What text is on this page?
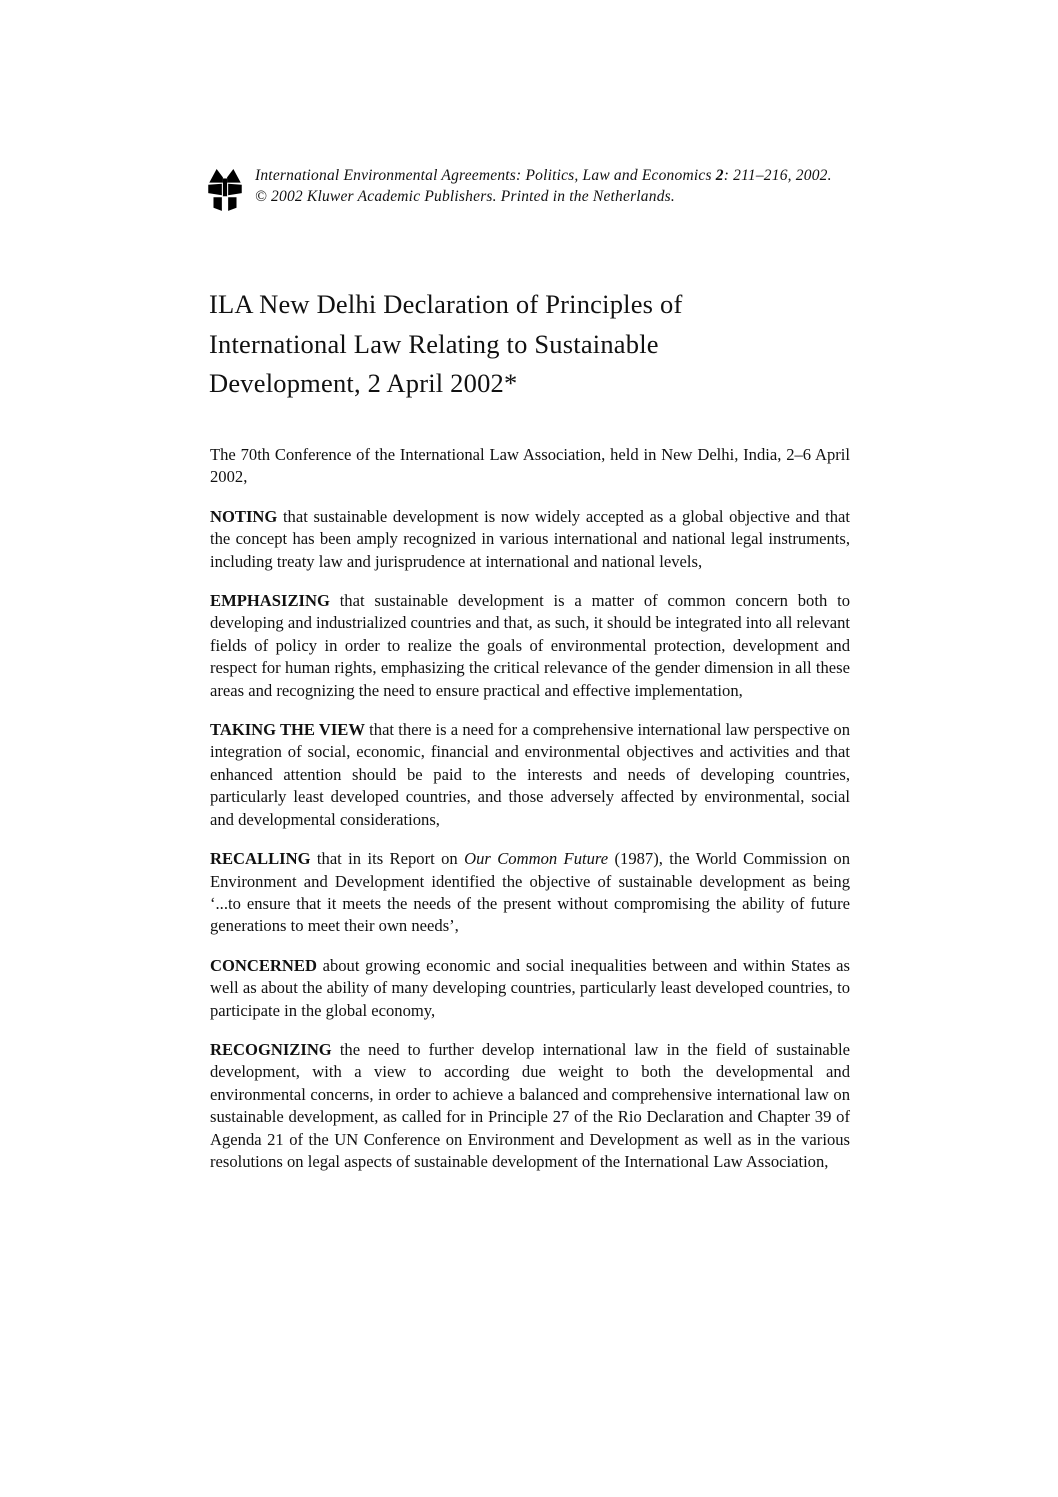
International Environmental Agreements: Politics, Law and Economics 2: 211–216, 2002.
© 2002 Kluwer Academic Publishers. Printed in the Netherlands.
ILA New Delhi Declaration of Principles of
International Law Relating to Sustainable
Development, 2 April 2002*

The 70th Conference of the International Law Association, held in New Delhi, India, 2–6 April 2002,

NOTING that sustainable development is now widely accepted as a global objective and that the concept has been amply recognized in various international and national legal instruments, including treaty law and jurisprudence at international and national levels,

EMPHASIZING that sustainable development is a matter of common concern both to developing and industrialized countries and that, as such, it should be integrated into all relevant fields of policy in order to realize the goals of environmental protection, development and respect for human rights, emphasizing the critical relevance of the gender dimension in all these areas and recognizing the need to ensure practical and effective implementation,

TAKING THE VIEW that there is a need for a comprehensive international law perspective on integration of social, economic, financial and environmental objectives and activities and that enhanced attention should be paid to the interests and needs of developing countries, particularly least developed countries, and those adversely affected by environmental, social and developmental considerations,

RECALLING that in its Report on Our Common Future (1987), the World Commission on Environment and Development identified the objective of sustainable development as being ‘...to ensure that it meets the needs of the present without compromising the ability of future generations to meet their own needs’,

CONCERNED about growing economic and social inequalities between and within States as well as about the ability of many developing countries, particularly least developed countries, to participate in the global economy,

RECOGNIZING the need to further develop international law in the field of sustainable development, with a view to according due weight to both the developmental and environmental concerns, in order to achieve a balanced and comprehensive international law on sustainable development, as called for in Principle 27 of the Rio Declaration and Chapter 39 of Agenda 21 of the UN Conference on Environment and Development as well as in the various resolutions on legal aspects of sustainable development of the International Law Association,
